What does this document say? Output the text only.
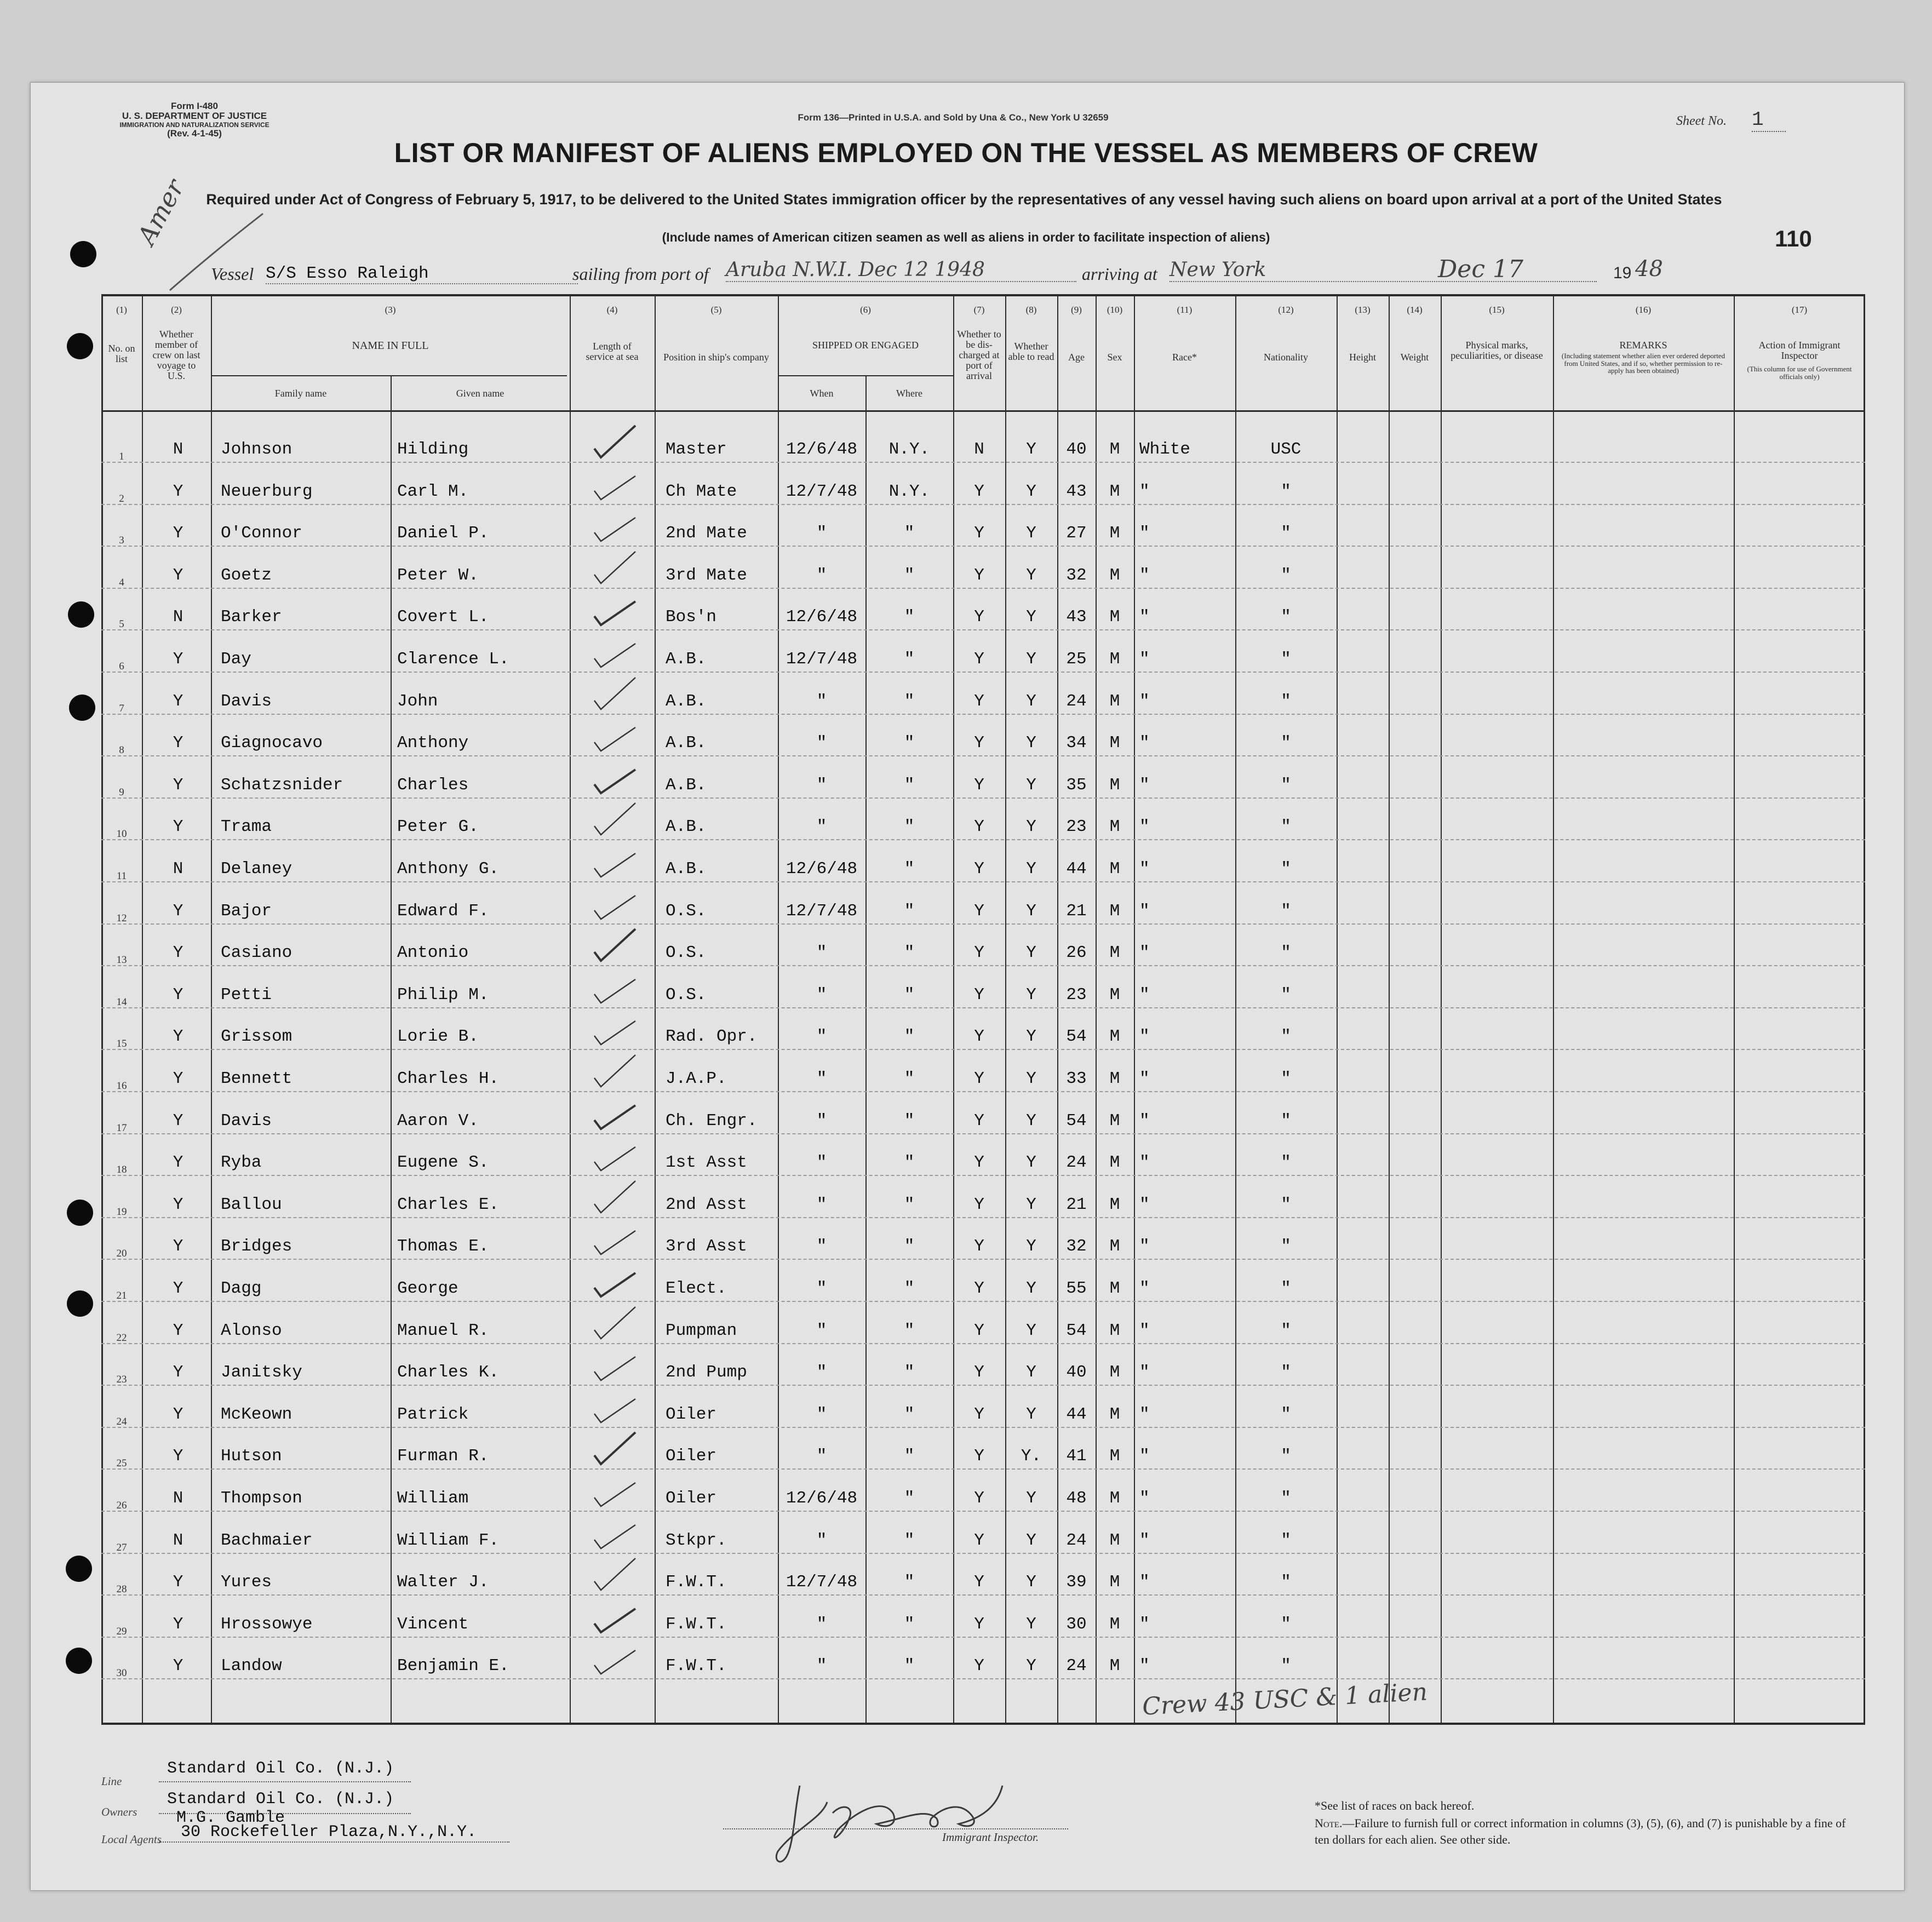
Form I-480
U. S. DEPARTMENT OF JUSTICE
IMMIGRATION AND NATURALIZATION SERVICE
(Rev. 4-1-45)
Form 136—Printed in U.S.A. and Sold by Una & Co., New York U 32659	Sheet No. 1
LIST OR MANIFEST OF ALIENS EMPLOYED ON THE VESSEL AS MEMBERS OF CREW
Required under Act of Congress of February 5, 1917, to be delivered to the United States immigration officer by the representatives of any vessel having such aliens on board upon arrival at a port of the United States
(Include names of American citizen seamen as well as aliens in order to facilitate inspection of aliens)	110
Amer
Vessel S/S Esso Raleigh	sailing from port of Aruba N.W.I. Dec 12 1948	arriving at New York	Dec 17	19 48
(1)	(2)	(3)	(4)	(5)	(6)	(7)	(8)	(9)	(10)	(11)	(12)	(13)	(14)	(15)	(16)	(17)
No. on list
Whether member of crew on last voyage to U.S.
NAME IN FULL
Family name	Given name
Length of service at sea	Position in ship's company
SHIPPED OR ENGAGED
When	Where
Whether to be dis-charged at port of arrival
Whether able to read	Age	Sex	Race*	Nationality	Height	Weight
Physical marks, peculiarities, or disease
REMARKS
(Including statement whether alien ever ordered deported from United States, and if so, whether permission to re-apply has been obtained)
Action of Immigrant Inspector
(This column for use of Government officials only)
1	N	Johnson	Hilding	Master	12/6/48	N.Y.	N	Y	40	M	White	USC
2	Y	Neuerburg	Carl M.	Ch Mate	12/7/48	N.Y.	Y	Y	43	M	"	"
3	Y	O'Connor	Daniel P.	2nd Mate	"	"	Y	Y	27	M	"	"
4	Y	Goetz	Peter W.	3rd Mate	"	"	Y	Y	32	M	"	"
5	N	Barker	Covert L.	Bos'n	12/6/48	"	Y	Y	43	M	"	"
6	Y	Day	Clarence L.	A.B.	12/7/48	"	Y	Y	25	M	"	"
7	Y	Davis	John	A.B.	"	"	Y	Y	24	M	"	"
8	Y	Giagnocavo	Anthony	A.B.	"	"	Y	Y	34	M	"	"
9	Y	Schatzsnider	Charles	A.B.	"	"	Y	Y	35	M	"	"
10	Y	Trama	Peter G.	A.B.	"	"	Y	Y	23	M	"	"
11	N	Delaney	Anthony G.	A.B.	12/6/48	"	Y	Y	44	M	"	"
12	Y	Bajor	Edward F.	O.S.	12/7/48	"	Y	Y	21	M	"	"
13	Y	Casiano	Antonio	O.S.	"	"	Y	Y	26	M	"	"
14	Y	Petti	Philip M.	O.S.	"	"	Y	Y	23	M	"	"
15	Y	Grissom	Lorie B.	Rad. Opr.	"	"	Y	Y	54	M	"	"
16	Y	Bennett	Charles H.	J.A.P.	"	"	Y	Y	33	M	"	"
17	Y	Davis	Aaron V.	Ch. Engr.	"	"	Y	Y	54	M	"	"
18	Y	Ryba	Eugene S.	1st Asst	"	"	Y	Y	24	M	"	"
19	Y	Ballou	Charles E.	2nd Asst	"	"	Y	Y	21	M	"	"
20	Y	Bridges	Thomas E.	3rd Asst	"	"	Y	Y	32	M	"	"
21	Y	Dagg	George	Elect.	"	"	Y	Y	55	M	"	"
22	Y	Alonso	Manuel R.	Pumpman	"	"	Y	Y	54	M	"	"
23	Y	Janitsky	Charles K.	2nd Pump	"	"	Y	Y	40	M	"	"
24	Y	McKeown	Patrick	Oiler	"	"	Y	Y	44	M	"	"
25	Y	Hutson	Furman R.	Oiler	"	"	Y	Y.	41	M	"	"
26	N	Thompson	William	Oiler	12/6/48	"	Y	Y	48	M	"	"
27	N	Bachmaier	William F.	Stkpr.	"	"	Y	Y	24	M	"	"
28	Y	Yures	Walter J.	F.W.T.	12/7/48	"	Y	Y	39	M	"	"
29	Y	Hrossowye	Vincent	F.W.T.	"	"	Y	Y	30	M	"	"
30	Y	Landow	Benjamin E.	F.W.T.	"	"	Y	Y	24	M	"	"
Crew 43 USC & 1 alien
Line
Standard Oil Co. (N.J.)
Owners
Standard Oil Co. (N.J.)
Local Agents
M.G. Gamble
30 Rockefeller Plaza,N.Y.,N.Y.	Immigrant Inspector.
*See list of races on back hereof.
Note.—Failure to furnish full or correct information in columns (3), (5), (6), and (7) is punishable by a fine of ten dollars for each alien. See other side.
